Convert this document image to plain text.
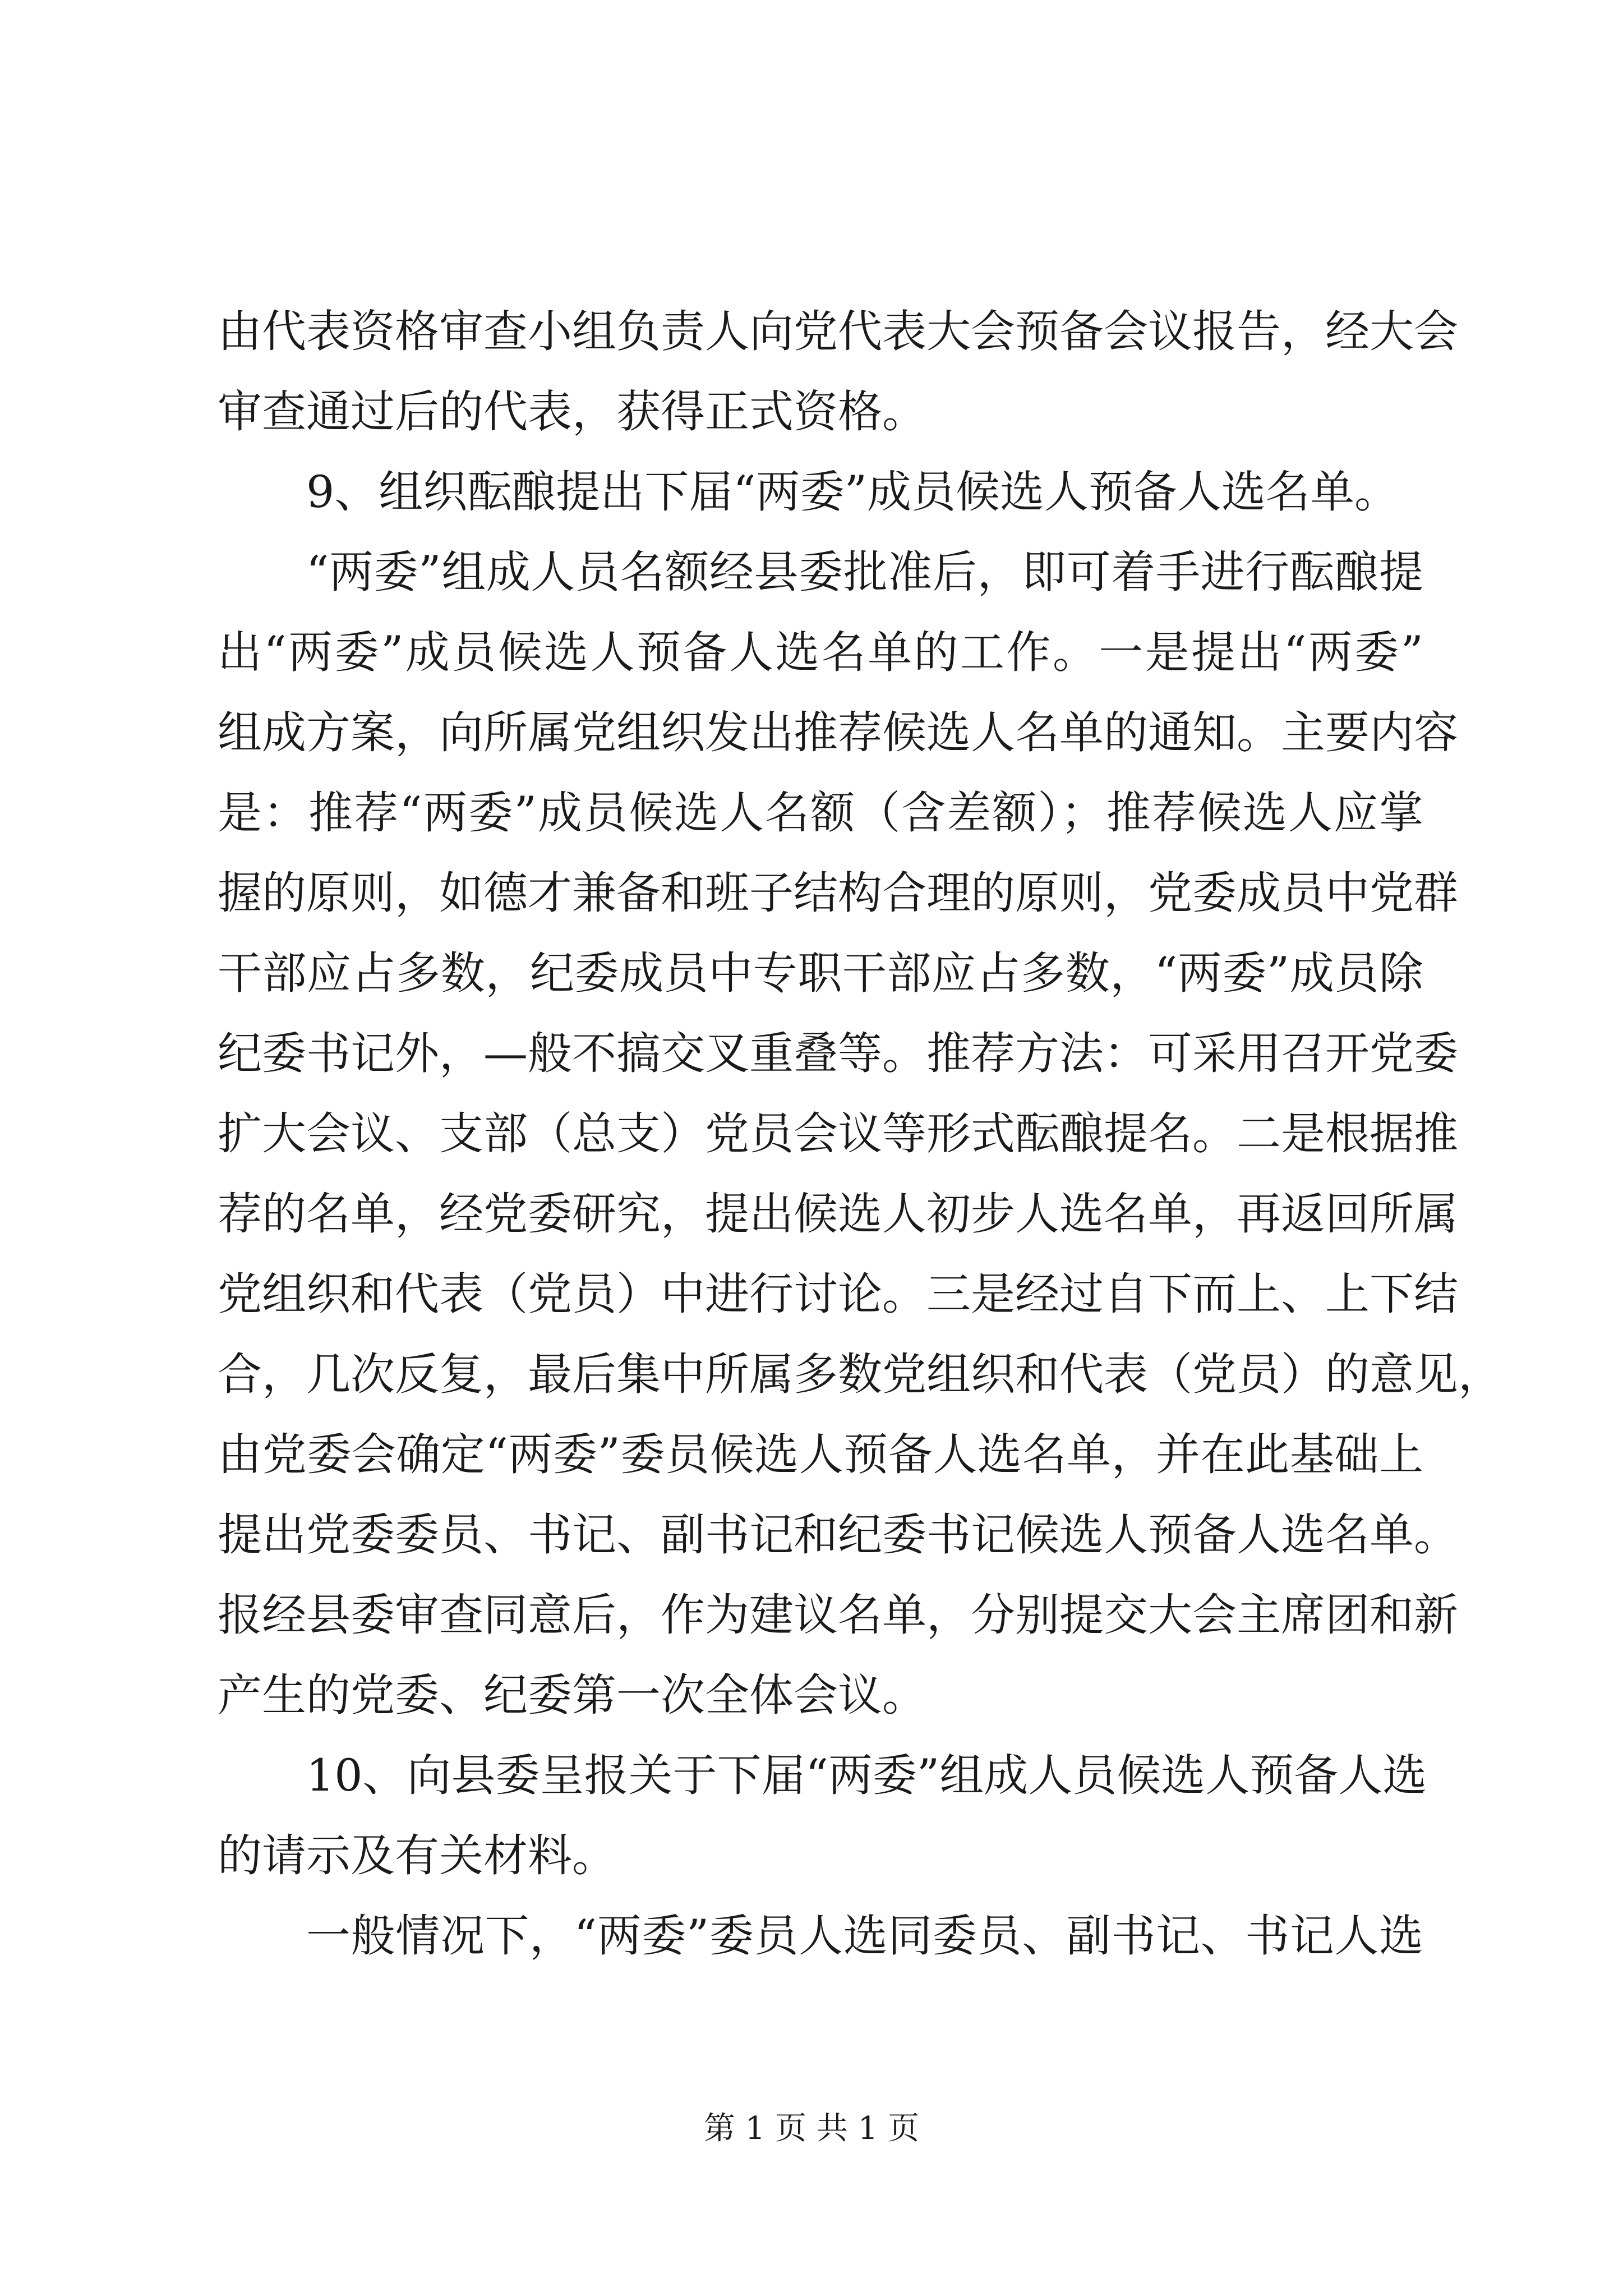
由代表资格审查小组负责人向党代表大会预备会议报告，经大会
审查通过后的代表，获得正式资格。
9、组织酝酿提出下届“两委”成员候选人预备人选名单。
“两委”组成人员名额经县委批准后，即可着手进行酝酿提
出“两委”成员候选人预备人选名单的工作。一是提出“两委”
组成方案，向所属党组织发出推荐候选人名单的通知。主要内容
是：推荐“两委”成员候选人名额（含差额）；推荐候选人应掌
握的原则，如德才兼备和班子结构合理的原则，党委成员中党群
干部应占多数，纪委成员中专职干部应占多数，“两委”成员除
纪委书记外，—般不搞交叉重叠等。推荐方法：可采用召开党委
扩大会议、支部（总支）党员会议等形式酝酿提名。二是根据推
荐的名单，经党委研究，提出候选人初步人选名单，再返回所属
党组织和代表（党员）中进行讨论。三是经过自下而上、上下结
合，几次反复，最后集中所属多数党组织和代表（党员）的意见，
由党委会确定“两委”委员候选人预备人选名单，并在此基础上
提出党委委员、书记、副书记和纪委书记候选人预备人选名单。
报经县委审查同意后，作为建议名单，分别提交大会主席团和新
产生的党委、纪委第一次全体会议。
10、向县委呈报关于下届“两委”组成人员候选人预备人选
的请示及有关材料。
一般情况下，“两委”委员人选同委员、副书记、书记人选
第 1 页 共 1 页
